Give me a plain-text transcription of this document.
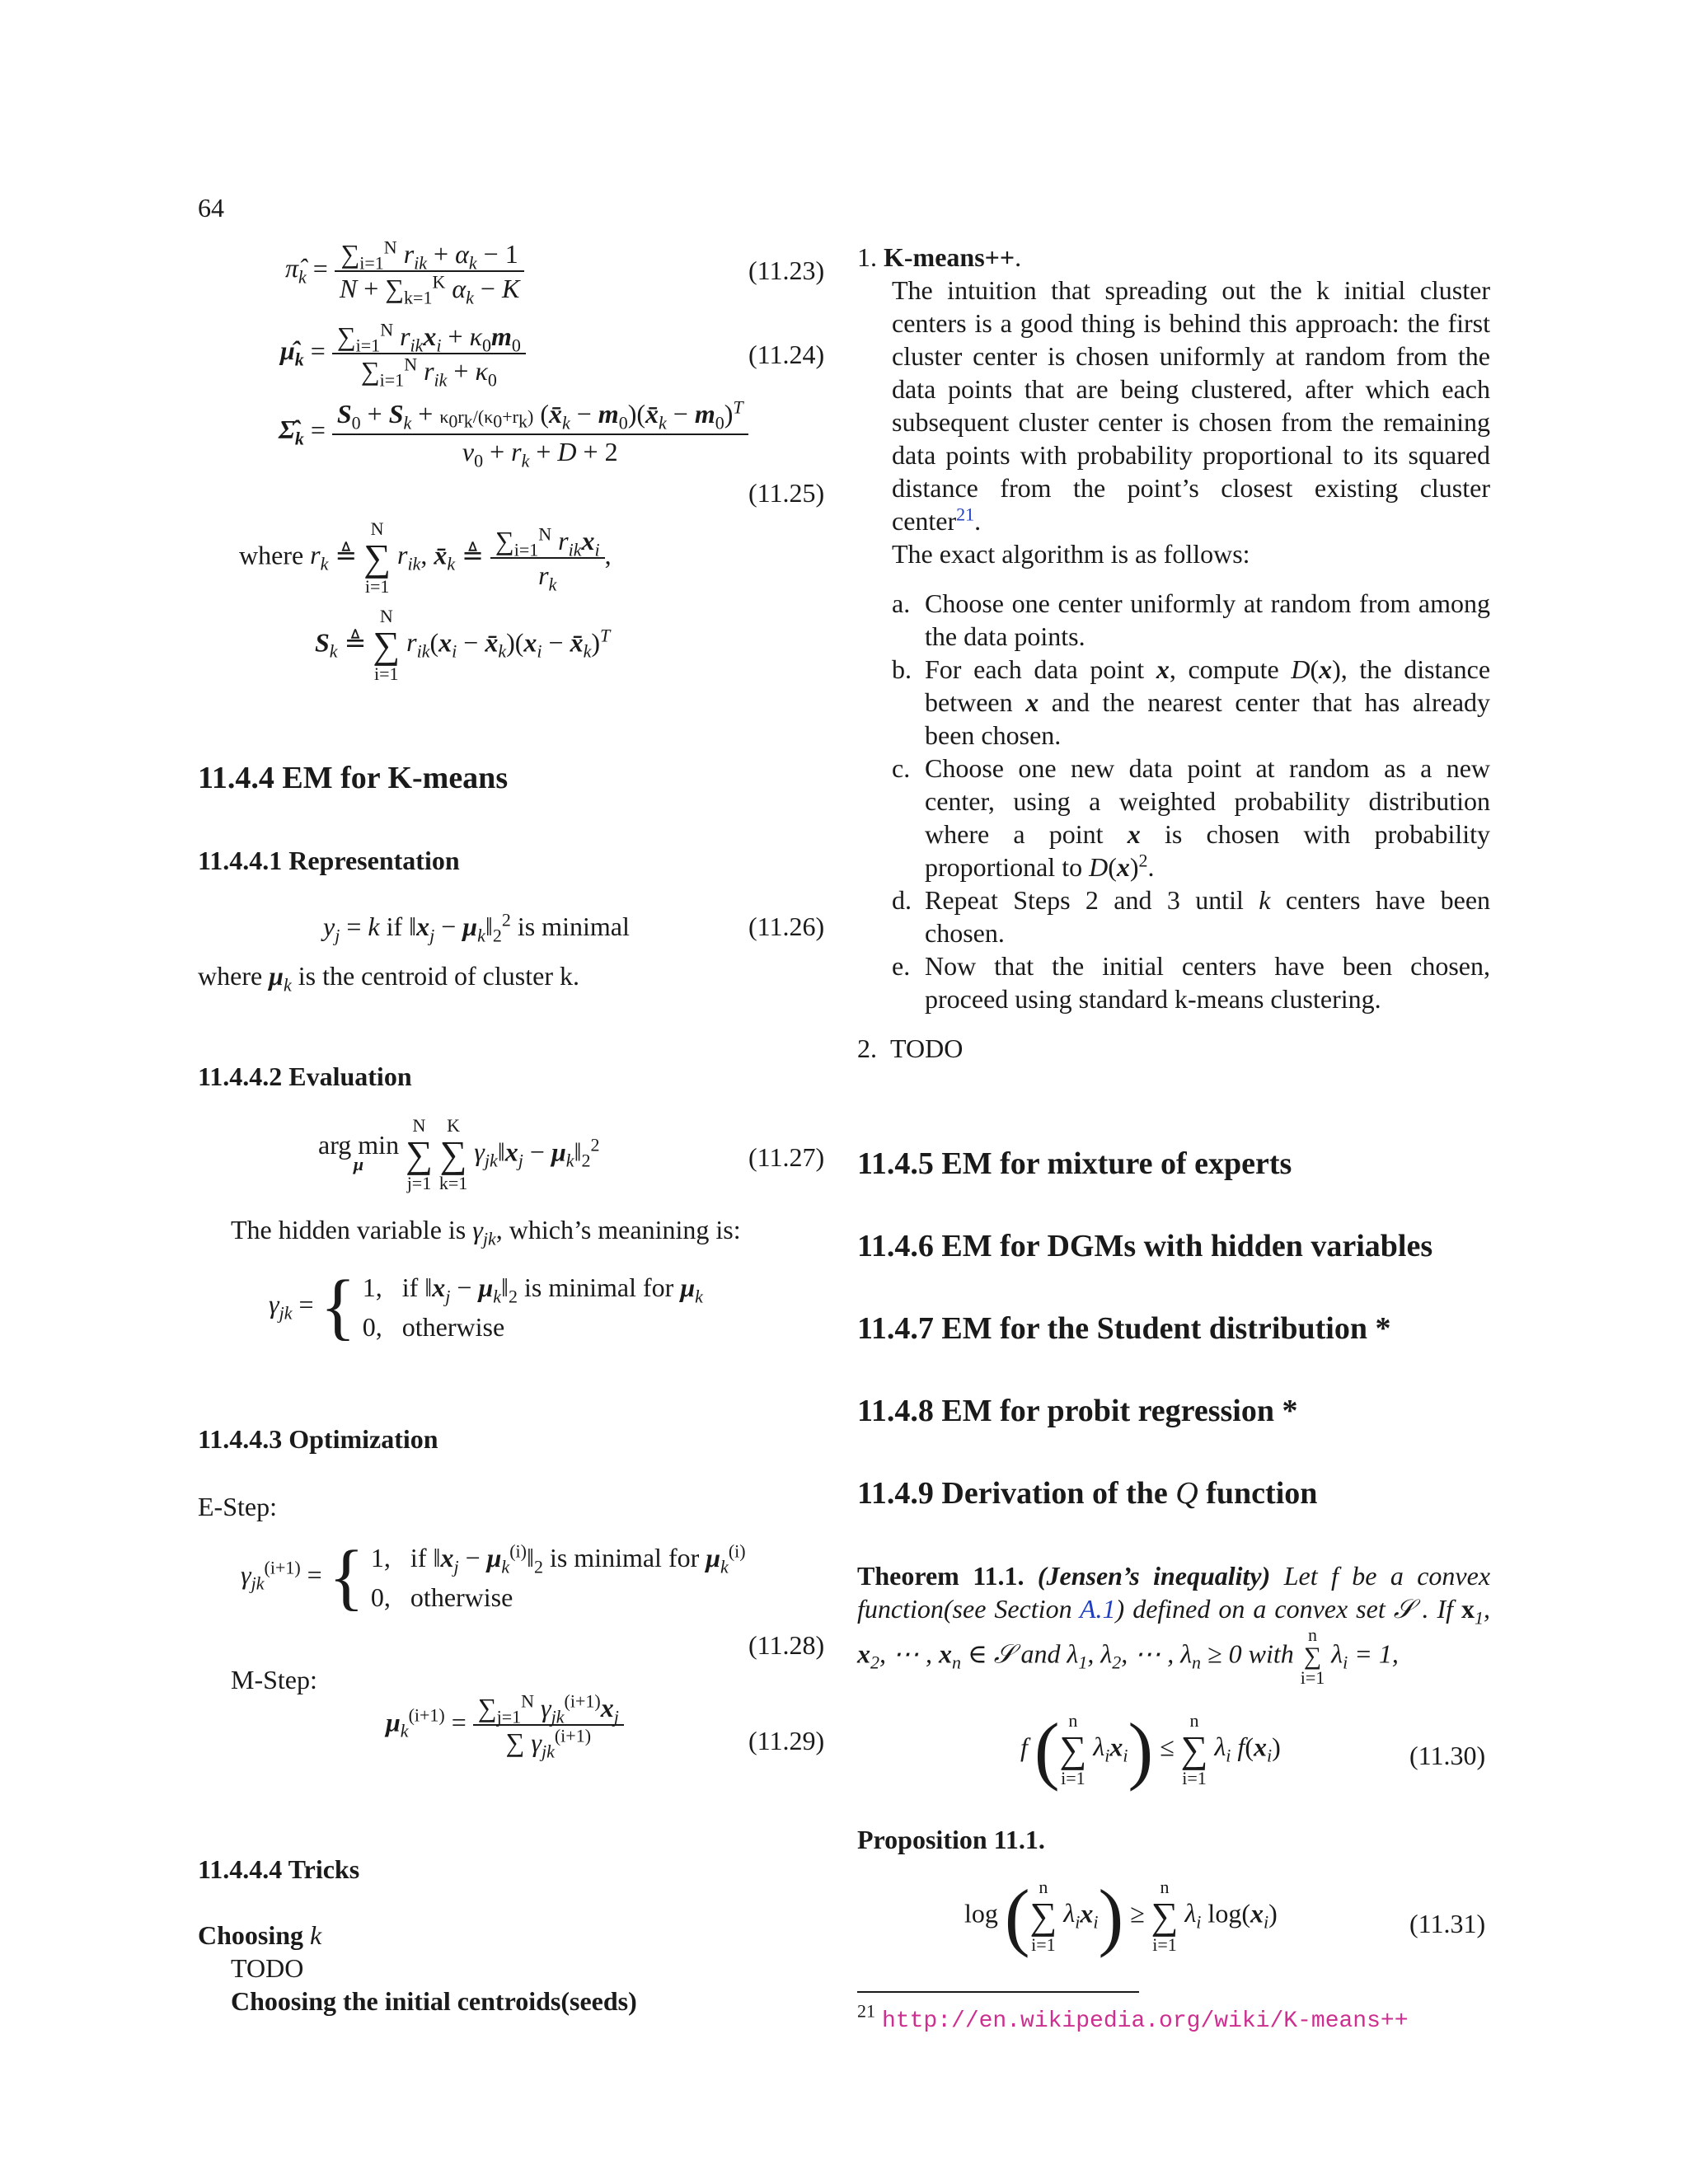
64
$\pî_k = \frac{\sum_{i=1}^N r_{ik} + \alpha_k - 1}{N + \sum_{k=1}^K \alpha_k - K}$	(11.23)
$\mû_k = \frac{\sum_{i=1}^N r_{ik}x_i + \kappa_0m_0}{\sum_{i=1}^N r_{ik} + \kappa_0}$	(11.24)
$\Sigmâ_k = \frac{S_0 + S_k + \kappa_0r_k/(\kappa_0+r_k) (x̄_k - m_0)(x̄_k - m_0)^T}{\nu_0 + r_k + D + 2}$
(11.25)
where $r_k$ ≜
N
∑
i=1
$r_{ik}$, $x̄_k$ ≜ $\frac{\sum_{i=1}^N r_{ik}x_i}{r_k}$ ,
$S_k$ ≜
N
∑
i=1
$r_{ik}(x_i$ − $x̄_k)(x_i$ − $x̄_k)^T$
11.4.4 EM for K-means
11.4.4.1 Representation
$y_j = k$ if $‖x_j$ − $\mu_k‖_2^2$ is minimal	(11.26)
where $\mu_k$ is the centroid of cluster k.
11.4.4.2 Evaluation
arg min
μ

N
∑
j=1

K
∑
k=1
$\gamma_{jk}‖x_j$ − $\mu_k‖_2^2$	(11.27)
The hidden variable is $\gamma_{jk}$, which’s meanining is:
$\gamma_{jk}$ = { 1,   if $‖x_j$ − $\mu_k‖_2$ is minimal for $\mu_k$
0,   otherwise
11.4.4.3 Optimization
E-Step:
$\gamma_{jk}^{(i+1)}$ = { 1,   if $‖x_j$ − $\mu_k^{(i)}‖_2$ is minimal for $\mu_k^{(i)}$
0,   otherwise
(11.28)
M-Step:
$\mu_k^{(i+1)} = \frac{\sum_{j=1}^N \gamma_{jk}^{(i+1)}x_j}{\sum \gamma_{jk}^{(i+1)}}$	(11.29)
11.4.4.4 Tricks
Choosing k
TODO
Choosing the initial centroids(seeds)
1. K-means++.
The intuition that spreading out the k initial cluster centers is a good thing is behind this approach: the first cluster center is chosen uniformly at random from the data points that are being clustered, after which each subsequent cluster center is chosen from the remaining data points with probability proportional to its squared distance from the point’s closest existing cluster center$^{21}$.
The exact algorithm is as follows:
a. Choose one center uniformly at random from among the data points.
b. For each data point x, compute D(x), the distance between x and the nearest center that has already been chosen.
c. Choose one new data point at random as a new center, using a weighted probability distribution where a point x is chosen with probability proportional to $D(x)^2$.
d. Repeat Steps 2 and 3 until k centers have been chosen.
e. Now that the initial centers have been chosen, proceed using standard k-means clustering.
2. TODO
11.4.5 EM for mixture of experts
11.4.6 EM for DGMs with hidden variables
11.4.7 EM for the Student distribution *
11.4.8 EM for probit regression *
11.4.9 Derivation of the Q function
Theorem 11.1. (Jensen’s inequality) Let f be a convex function(see Section A.1) defined on a convex set 𝒮 . If $x_1$, $x_2$, ⋯ , $x_n$ ∈ 𝒮 and $\lambda_1$, $\lambda_2$, ⋯ , $\lambda_n \ge 0$ with
n
∑
i=1
$\lambda_i = 1$,
f ( n
∑
i=1
$\lambda_ix_i$) ≤
n
∑
i=1
$\lambda_i$ $f(x_i)$	(11.30)
Proposition 11.1.
log ( n
∑
i=1
$\lambda_ix_i$) ≥
n
∑
i=1
$\lambda_i$ $\log(x_i)$	(11.31)
$^{21}$ http://en.wikipedia.org/wiki/K-means++
